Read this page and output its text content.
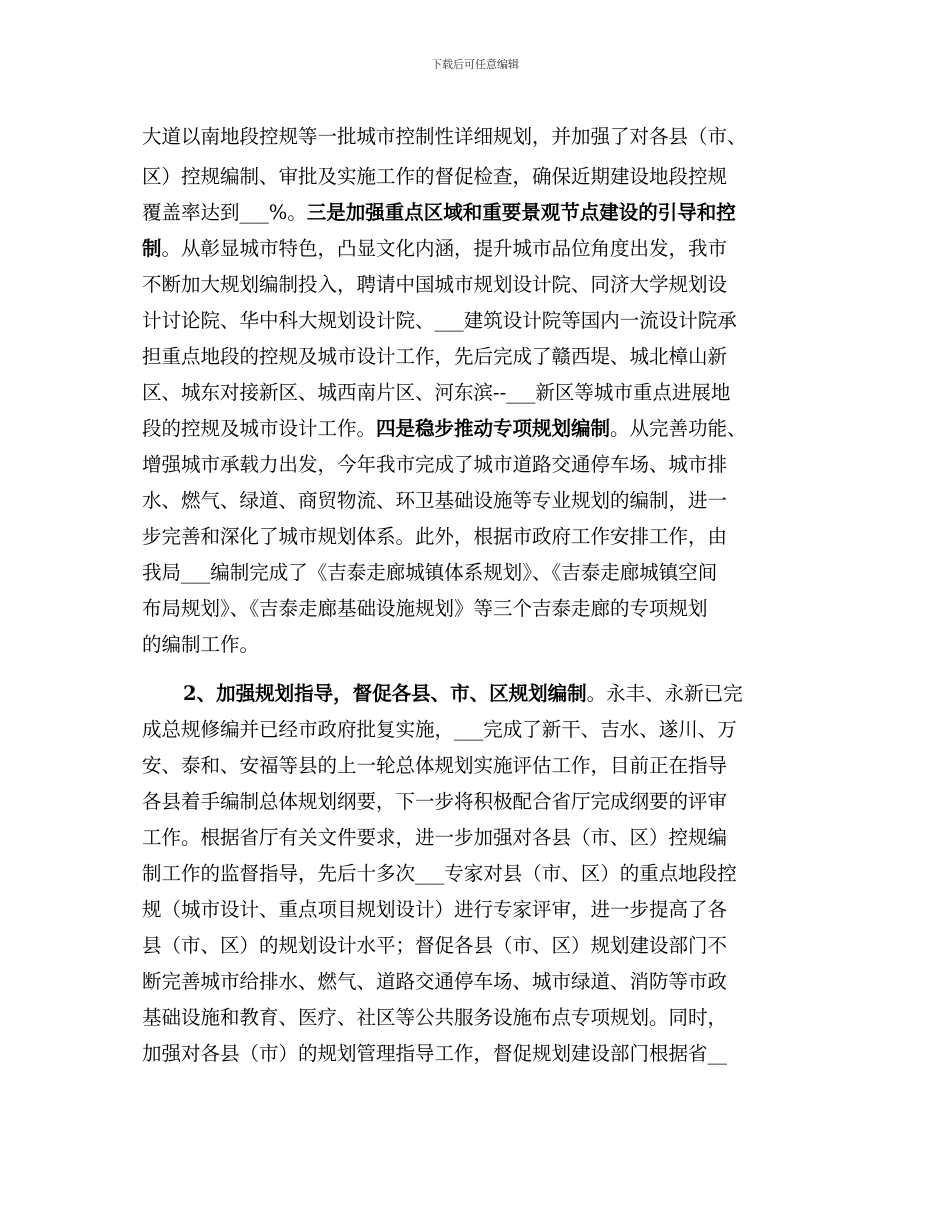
下载后可任意编辑
大道以南地段控规等一批城市控制性详细规划，并加强了对各县（市、
区）控规编制、审批及实施工作的督促检查，确保近期建设地段控规
覆盖率达到___%。三是加强重点区域和重要景观节点建设的引导和控
制。从彰显城市特色，凸显文化内涵，提升城市品位角度出发，我市
不断加大规划编制投入，聘请中国城市规划设计院、同济大学规划设
计讨论院、华中科大规划设计院、___建筑设计院等国内一流设计院承
担重点地段的控规及城市设计工作，先后完成了赣西堤、城北樟山新
区、城东对接新区、城西南片区、河东滨--___新区等城市重点进展地
段的控规及城市设计工作。四是稳步推动专项规划编制。从完善功能、
增强城市承载力出发，今年我市完成了城市道路交通停车场、城市排
水、燃气、绿道、商贸物流、环卫基础设施等专业规划的编制，进一
步完善和深化了城市规划体系。此外，根据市政府工作安排工作，由
我局___编制完成了《吉泰走廊城镇体系规划》、《吉泰走廊城镇空间
布局规划》、《吉泰走廊基础设施规划》等三个吉泰走廊的专项规划
的编制工作。
2、加强规划指导，督促各县、市、区规划编制。永丰、永新已完
成总规修编并已经市政府批复实施，___完成了新干、吉水、遂川、万
安、泰和、安福等县的上一轮总体规划实施评估工作，目前正在指导
各县着手编制总体规划纲要，下一步将积极配合省厅完成纲要的评审
工作。根据省厅有关文件要求，进一步加强对各县（市、区）控规编
制工作的监督指导，先后十多次___专家对县（市、区）的重点地段控
规（城市设计、重点项目规划设计）进行专家评审，进一步提高了各
县（市、区）的规划设计水平；督促各县（市、区）规划建设部门不
断完善城市给排水、燃气、道路交通停车场、城市绿道、消防等市政
基础设施和教育、医疗、社区等公共服务设施布点专项规划。同时，
加强对各县（市）的规划管理指导工作，督促规划建设部门根据省__
